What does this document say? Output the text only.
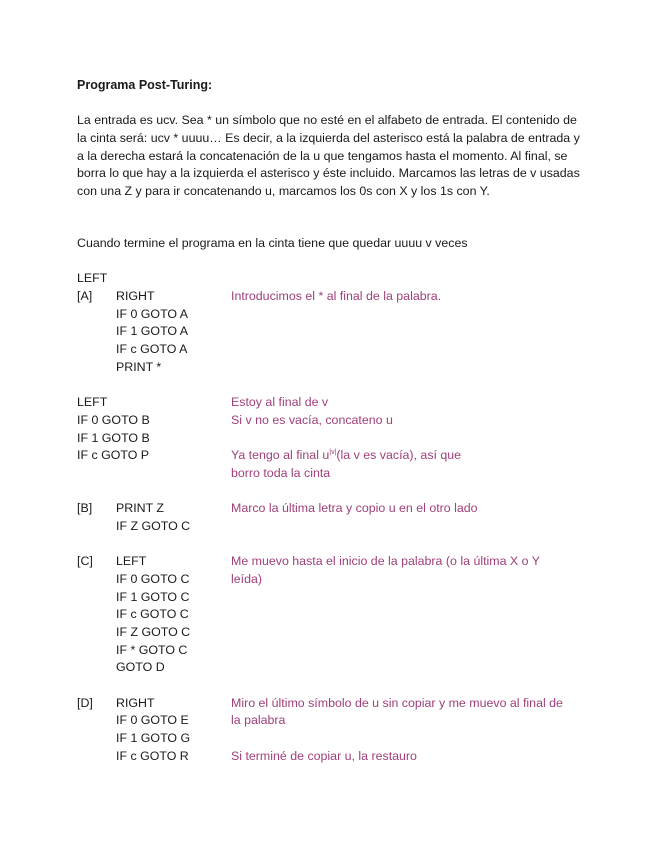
Programa Post-Turing:

La entrada es ucv. Sea * un símbolo que no esté en el alfabeto de entrada. El contenido de la cinta será: ucv * uuuu… Es decir, a la izquierda del asterisco está la palabra de entrada y a la derecha estará la concatenación de la u que tengamos hasta el momento. Al final, se borra lo que hay a la izquierda el asterisco y éste incluido. Marcamos las letras de v usadas con una Z y para ir concatenando u, marcamos los 0s con X y los 1s con Y.

Cuando termine el programa en la cinta tiene que quedar uuuu v veces

LEFT
[A] RIGHT
IF 0 GOTO A
IF 1 GOTO A
IF c GOTO A
PRINT *
Introducimos el * al final de la palabra.
LEFT
IF 0 GOTO B
IF 1 GOTO B
IF c GOTO P
Estoy al final de v
Si v no es vacía, concateno u
Ya tengo al final $u^{|v|}(la$ v es vacía), así que
borro toda la cinta
[B] PRINT Z
IF Z GOTO C
Marco la última letra y copio u en el otro lado
[C] LEFT
IF 0 GOTO C
IF 1 GOTO C
IF c GOTO C
IF Z GOTO C
IF * GOTO C
GOTO D
Me muevo hasta el inicio de la palabra (o la última X o Y
leída)
[D] RIGHT
IF 0 GOTO E
IF 1 GOTO G
IF c GOTO R
Miro el último símbolo de u sin copiar y me muevo al final de
la palabra
Si terminé de copiar u, la restauro
